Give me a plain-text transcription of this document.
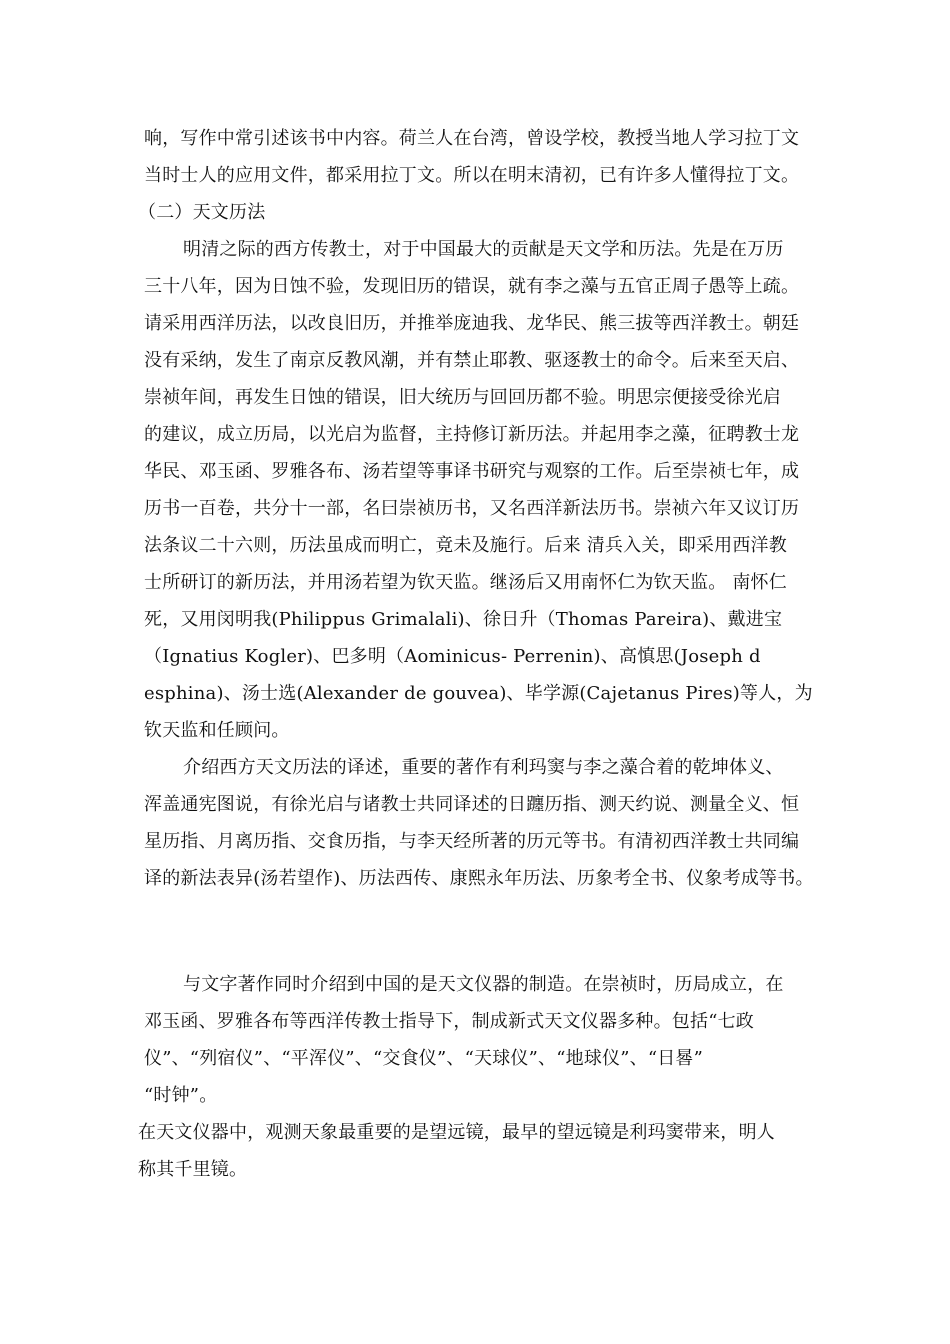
响，写作中常引述该书中内容。荷兰人在台湾，曾设学校，教授当地人学习拉丁文
当时士人的应用文件，都采用拉丁文。所以在明末清初，已有许多人懂得拉丁文。
（二）天文历法
明清之际的西方传教士，对于中国最大的贡献是天文学和历法。先是在万历
三十八年，因为日蚀不验，发现旧历的错误，就有李之藻与五官正周子愚等上疏。
请采用西洋历法，以改良旧历，并推举庞迪我、龙华民、熊三拔等西洋教士。朝廷
没有采纳，发生了南京反教风潮，并有禁止耶教、驱逐教士的命令。后来至天启、
崇祯年间，再发生日蚀的错误，旧大统历与回回历都不验。明思宗便接受徐光启
的建议，成立历局，以光启为监督，主持修订新历法。并起用李之藻，征聘教士龙
华民、邓玉函、罗雅各布、汤若望等事译书研究与观察的工作。后至崇祯七年，成
历书一百卷，共分十一部，名曰崇祯历书，又名西洋新法历书。崇祯六年又议订历
法条议二十六则，历法虽成而明亡，竟未及施行。后来 清兵入关，即采用西洋教
士所研订的新历法，并用汤若望为钦天监。继汤后又用南怀仁为钦天监。 南怀仁
死，又用闵明我(Philippus Grimalali)、徐日升（Thomas Pareira)、戴进宝
（Ignatius Kogler)、巴多明（Aominicus- Perrenin)、高慎思(Joseph d
esphina)、汤士选(Alexander de gouvea)、毕学源(Cajetanus Pires)等人，为
钦天监和任顾问。
介绍西方天文历法的译述，重要的著作有利玛窦与李之藻合着的乾坤体义、
浑盖通宪图说，有徐光启与诸教士共同译述的日躔历指、测天约说、测量全义、恒
星历指、月离历指、交食历指，与李天经所著的历元等书。有清初西洋教士共同编
译的新法表异(汤若望作)、历法西传、康熙永年历法、历象考全书、仪象考成等书。
与文字著作同时介绍到中国的是天文仪器的制造。在崇祯时，历局成立，在
邓玉函、罗雅各布等西洋传教士指导下，制成新式天文仪器多种。包括“七政
仪”、“列宿仪”、“平浑仪”、“交食仪”、“天球仪”、“地球仪”、“日晷”
“时钟”。
在天文仪器中，观测天象最重要的是望远镜，最早的望远镜是利玛窦带来，明人
称其千里镜。
